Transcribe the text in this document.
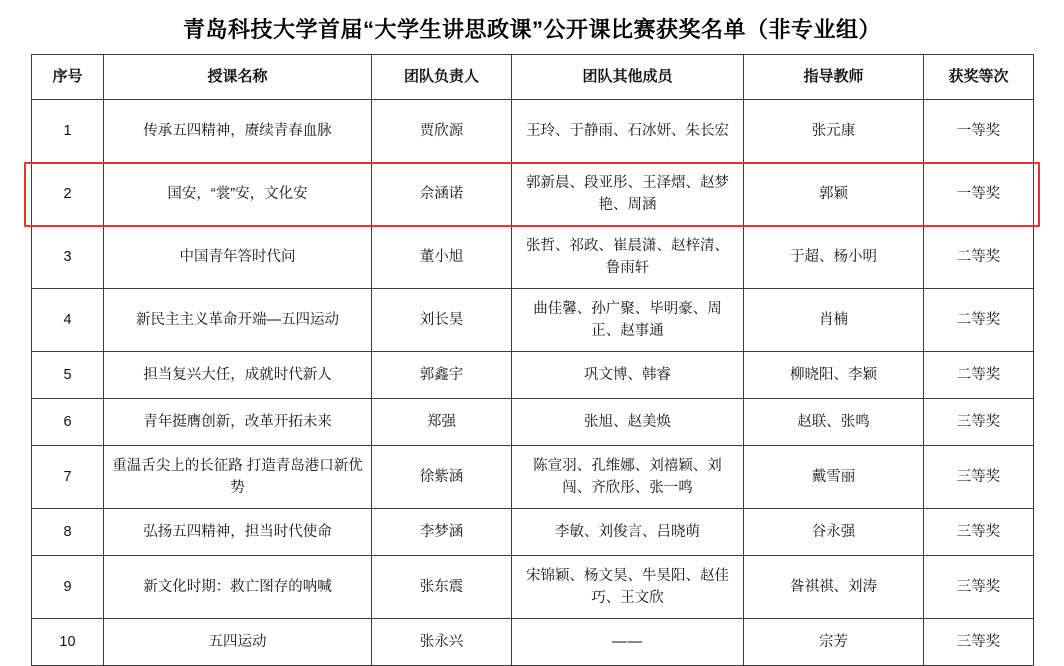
青岛科技大学首届“大学生讲思政课”公开课比赛获奖名单（非专业组）
序号	授课名称	团队负责人	团队其他成员	指导教师	获奖等次
1	传承五四精神，赓续青春血脉	贾欣源	王玲、于静雨、石冰妍、朱长宏	张元康	一等奖
2	国安，“裳”安，文化安	佘涵诺	郭新晨、段亚彤、王泽熠、赵梦艳、周涵	郭颖	一等奖
3	中国青年答时代问	董小旭	张哲、祁政、崔晨潇、赵梓清、鲁雨轩	于超、杨小明	二等奖
4	新民主主义革命开端—五四运动	刘长昊	曲佳馨、孙广聚、毕明豪、周正、赵事通	肖楠	二等奖
5	担当复兴大任，成就时代新人	郭鑫宇	巩文博、韩睿	柳晓阳、李颖	二等奖
6	青年挺膺创新，改革开拓未来	郑强	张旭、赵美焕	赵联、张鸣	三等奖
7	重温舌尖上的长征路 打造青岛港口新优势	徐紫涵	陈宣羽、孔维娜、刘禧颖、刘闯、齐欣彤、张一鸣	戴雪丽	三等奖
8	弘扬五四精神，担当时代使命	李梦涵	李敏、刘俊言、吕晓萌	谷永强	三等奖
9	新文化时期：救亡图存的呐喊	张东震	宋锦颖、杨文昊、牛昊阳、赵佳巧、王文欣	昝祺祺、刘涛	三等奖
10	五四运动	张永兴	——	宗芳	三等奖
